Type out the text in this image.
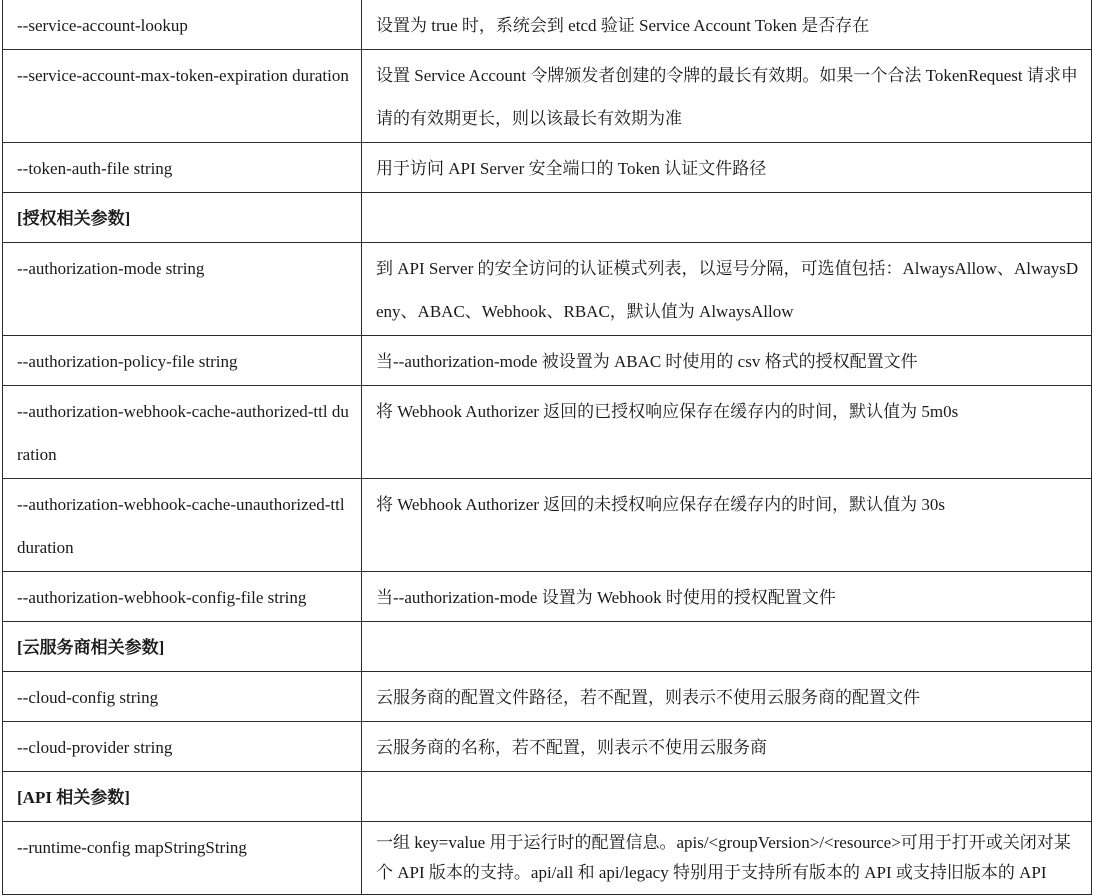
--service-account-lookup	设置为 true 时，系统会到 etcd 验证 Service Account Token 是否存在
--service-account-max-token-expiration duration	设置 Service Account 令牌颁发者创建的令牌的最长有效期。如果一个合法 TokenRequest 请求申请的有效期更长，则以该最长有效期为准
--token-auth-file string	用于访问 API Server 安全端口的 Token 认证文件路径
[授权相关参数]	
--authorization-mode string	到 API Server 的安全访问的认证模式列表，以逗号分隔，可选值包括：AlwaysAllow、AlwaysDeny、ABAC、Webhook、RBAC，默认值为 AlwaysAllow
--authorization-policy-file string	当--authorization-mode 被设置为 ABAC 时使用的 csv 格式的授权配置文件
--authorization-webhook-cache-authorized-ttl duration	将 Webhook Authorizer 返回的已授权响应保存在缓存内的时间，默认值为 5m0s
--authorization-webhook-cache-unauthorized-ttl duration	将 Webhook Authorizer 返回的未授权响应保存在缓存内的时间，默认值为 30s
--authorization-webhook-config-file string	当--authorization-mode 设置为 Webhook 时使用的授权配置文件
[云服务商相关参数]	
--cloud-config string	云服务商的配置文件路径，若不配置，则表示不使用云服务商的配置文件
--cloud-provider string	云服务商的名称，若不配置，则表示不使用云服务商
[API 相关参数]	
--runtime-config mapStringString	一组 key=value 用于运行时的配置信息。apis/<groupVersion>/<resource>可用于打开或关闭对某个 API 版本的支持。api/all 和 api/legacy 特别用于支持所有版本的 API 或支持旧版本的 API
